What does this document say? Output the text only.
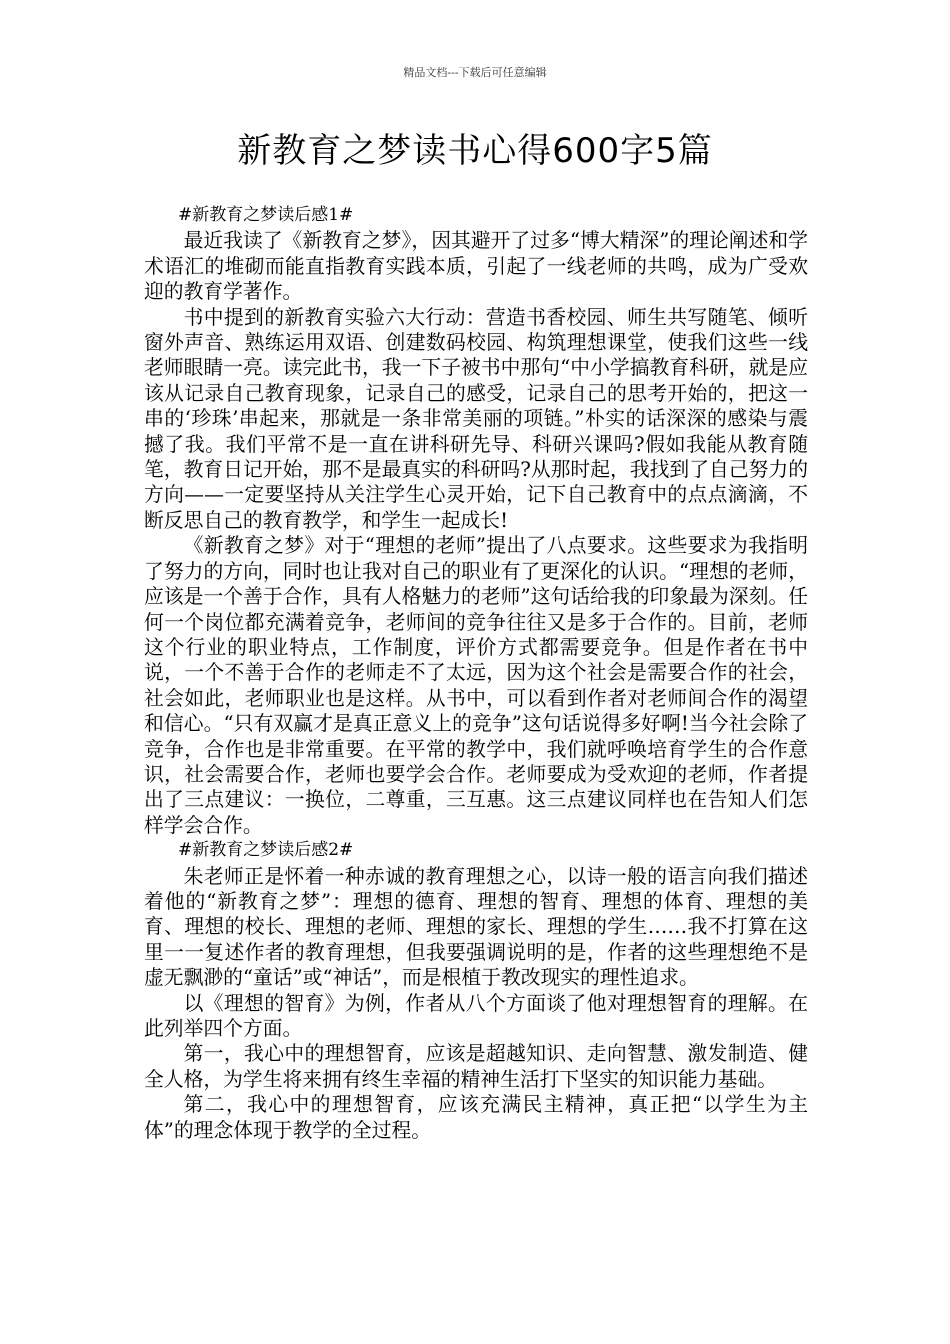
精品文档---下载后可任意编辑
新教育之梦读书心得600字5篇

#新教育之梦读后感1#

最近我读了《新教育之梦》，因其避开了过多“博大精深”的理论阐述和学术语汇的堆砌而能直指教育实践本质，引起了一线老师的共鸣，成为广受欢迎的教育学著作。

书中提到的新教育实验六大行动：营造书香校园、师生共写随笔、倾听窗外声音、熟练运用双语、创建数码校园、构筑理想课堂，使我们这些一线老师眼睛一亮。读完此书，我一下子被书中那句“中小学搞教育科研，就是应该从记录自己教育现象，记录自己的感受，记录自己的思考开始的，把这一串的‘珍珠’串起来，那就是一条非常美丽的项链。”朴实的话深深的感染与震撼了我。我们平常不是一直在讲科研先导、科研兴课吗?假如我能从教育随笔，教育日记开始，那不是最真实的科研吗?从那时起，我找到了自己努力的方向——一定要坚持从关注学生心灵开始，记下自己教育中的点点滴滴，不断反思自己的教育教学，和学生一起成长!

《新教育之梦》对于“理想的老师”提出了八点要求。这些要求为我指明了努力的方向，同时也让我对自己的职业有了更深化的认识。“理想的老师，应该是一个善于合作，具有人格魅力的老师”这句话给我的印象最为深刻。任何一个岗位都充满着竞争，老师间的竞争往往又是多于合作的。目前，老师这个行业的职业特点，工作制度，评价方式都需要竞争。但是作者在书中说，一个不善于合作的老师走不了太远，因为这个社会是需要合作的社会，社会如此，老师职业也是这样。从书中，可以看到作者对老师间合作的渴望和信心。“只有双赢才是真正意义上的竞争”这句话说得多好啊!当今社会除了竞争，合作也是非常重要。在平常的教学中，我们就呼唤培育学生的合作意识，社会需要合作，老师也要学会合作。老师要成为受欢迎的老师，作者提出了三点建议：一换位，二尊重，三互惠。这三点建议同样也在告知人们怎样学会合作。

#新教育之梦读后感2#

朱老师正是怀着一种赤诚的教育理想之心，以诗一般的语言向我们描述着他的“新教育之梦”：理想的德育、理想的智育、理想的体育、理想的美育、理想的校长、理想的老师、理想的家长、理想的学生……我不打算在这里一一复述作者的教育理想，但我要强调说明的是，作者的这些理想绝不是虚无飘渺的“童话”或“神话”，而是根植于教改现实的理性追求。

以《理想的智育》为例，作者从八个方面谈了他对理想智育的理解。在此列举四个方面。

第一，我心中的理想智育，应该是超越知识、走向智慧、激发制造、健全人格，为学生将来拥有终生幸福的精神生活打下坚实的知识能力基础。

第二，我心中的理想智育，应该充满民主精神，真正把“以学生为主体”的理念体现于教学的全过程。
